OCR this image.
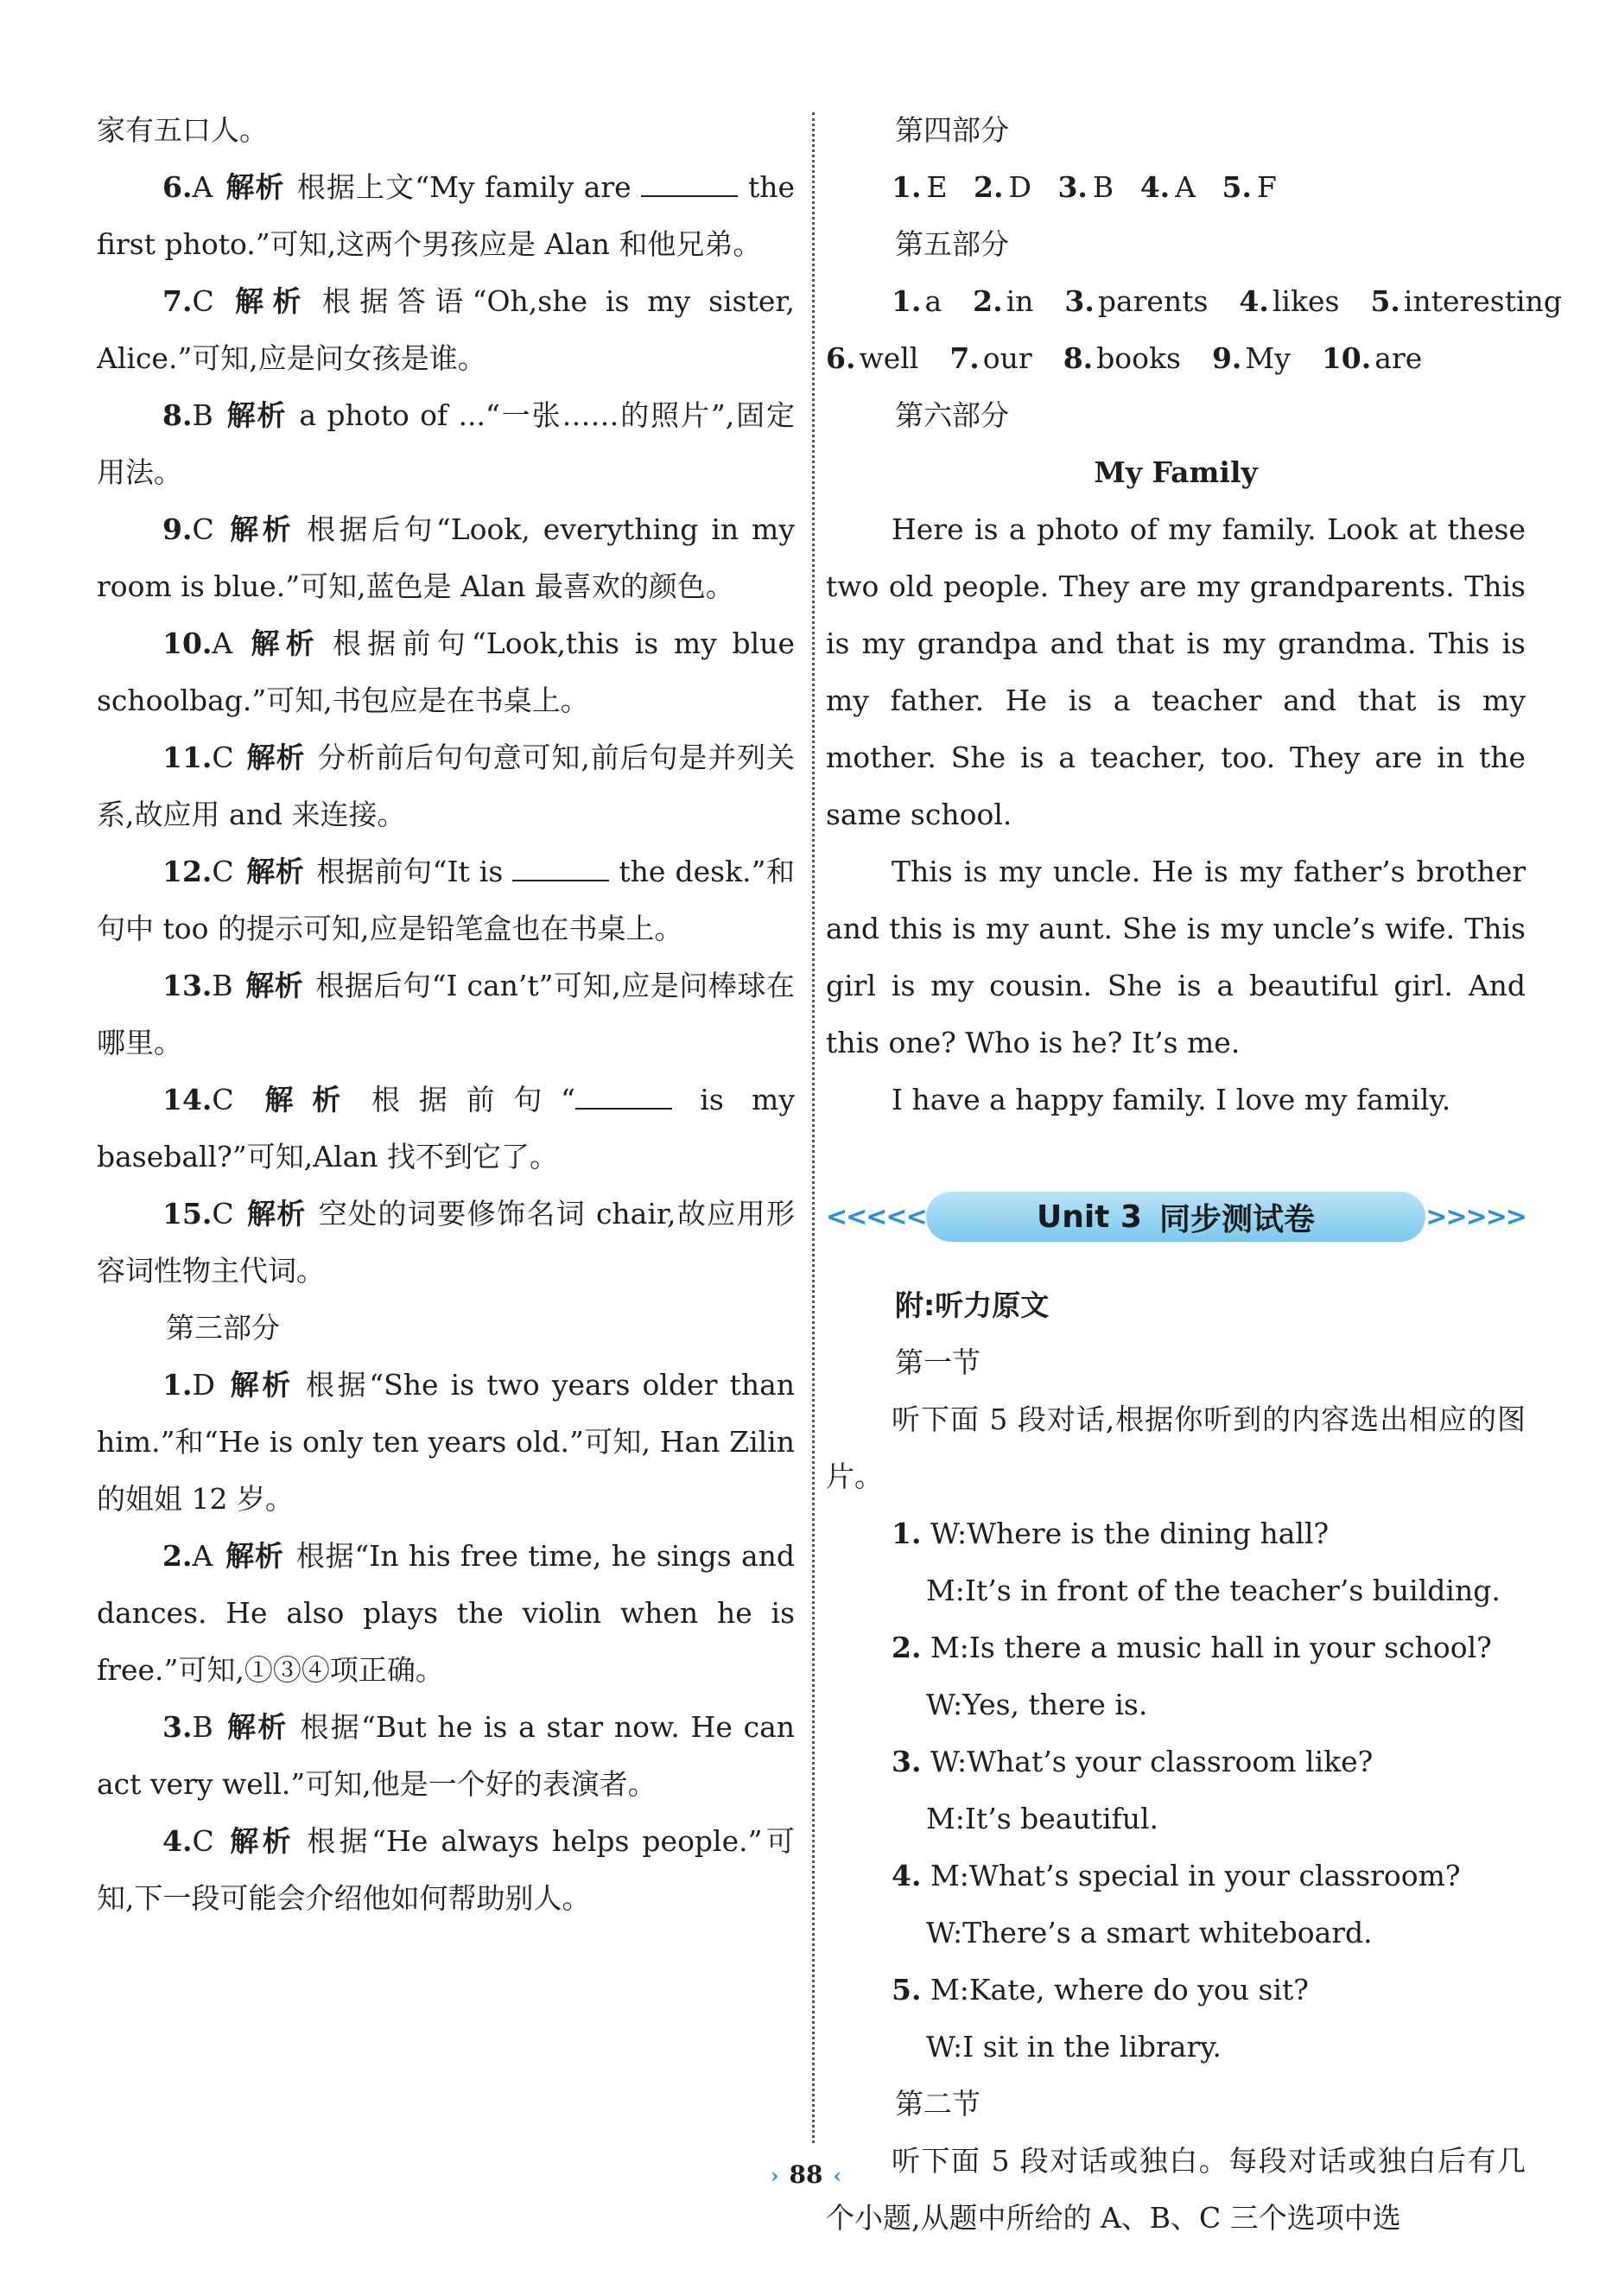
家有五口人。

6.A 解析 根据上文“My family are	the first photo.”可知,这两个男孩应是 Alan 和他兄弟。

7.C 解析 根据答语“Oh,she is my sister, Alice.”可知,应是问女孩是谁。

8.B 解析 a photo of ...“一张……的照片”,固定用法。

9.C 解析 根据后句“Look, everything in my room is blue.”可知,蓝色是 Alan 最喜欢的颜色。

10.A 解析 根据前句“Look,this is my blue schoolbag.”可知,书包应是在书桌上。

11.C 解析 分析前后句句意可知,前后句是并列关系,故应用 and 来连接。

12.C 解析 根据前句“It is	the desk.”和句中 too 的提示可知,应是铅笔盒也在书桌上。

13.B 解析 根据后句“I can’t”可知,应是问棒球在哪里。

14.C 解析 根据前句“	is my baseball?”可知,Alan 找不到它了。

15.C 解析 空处的词要修饰名词 chair,故应用形容词性物主代词。

第三部分

1.D 解析 根据“She is two years older than him.”和“He is only ten years old.”可知, Han Zilin 的姐姐 12 岁。

2.A 解析 根据“In his free time, he sings and dances. He also plays the violin when he is free.”可知,①③④项正确。

3.B 解析 根据“But he is a star now. He can act very well.”可知,他是一个好的表演者。

4.C 解析 根据“He always helps people.”可知,下一段可能会介绍他如何帮助别人。

第四部分

1. E 2. D 3. B 4. A 5. F

第五部分

1. a 2. in 3. parents 4. likes 5. interesting

6. well 7. our 8. books 9. My 10. are

第六部分

My Family

Here is a photo of my family. Look at these two old people. They are my grandparents. This is my grandpa and that is my grandma. This is my father. He is a teacher and that is my mother. She is a teacher, too. They are in the same school.

This is my uncle. He is my father’s brother and this is my aunt. She is my uncle’s wife. This girl is my cousin. She is a beautiful girl. And this one? Who is he? It’s me.

I have a happy family. I love my family.

<<<<<	Unit 3 同步测试卷	>>>>>

附:听力原文

第一节

听下面 5 段对话,根据你听到的内容选出相应的图片。

1. W:Where is the dining hall?

M:It’s in front of the teacher’s building.

2. M:Is there a music hall in your school?

W:Yes, there is.

3. W:What’s your classroom like?

M:It’s beautiful.

4. M:What’s special in your classroom?

W:There’s a smart whiteboard.

5. M:Kate, where do you sit?

W:I sit in the library.

第二节

听下面 5 段对话或独白。每段对话或独白后有几个小题,从题中所给的 A、B、C 三个选项中选

› 88 ‹
